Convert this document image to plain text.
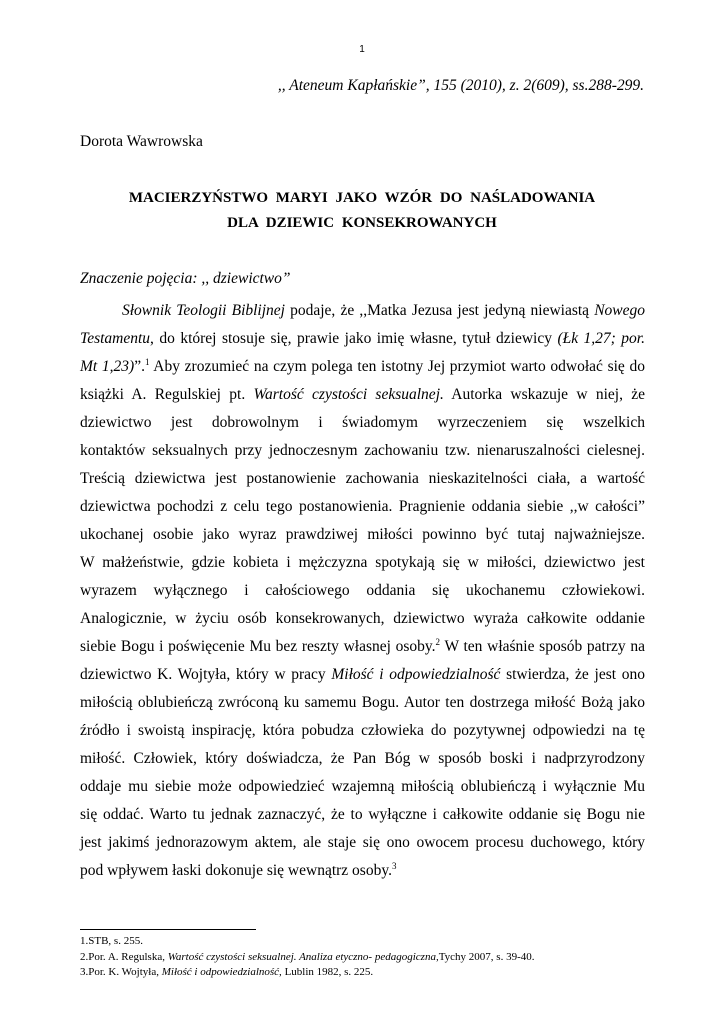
1
,, Ateneum Kapłańskie”, 155 (2010), z. 2(609), ss.288-299.
Dorota Wawrowska
MACIERZYŃSTWO MARYI JAKO WZÓR DO NAŚLADOWANIA
DLA DZIEWIC KONSEKROWANYCH
Znaczenie pojęcia: ,, dziewictwo”
Słownik Teologii Biblijnej podaje, że ,,Matka Jezusa jest jedyną niewiastą Nowego
Testamentu, do której stosuje się, prawie jako imię własne, tytuł dziewicy (Łk 1,27; por.
Mt 1,23)”.$^1$ Aby zrozumieć na czym polega ten istotny Jej przymiot warto odwołać się do
książki A. Regulskiej pt. Wartość czystości seksualnej. Autorka wskazuje w niej, że
dziewictwo jest dobrowolnym i świadomym wyrzeczeniem się wszelkich
kontaktów seksualnych przy jednoczesnym zachowaniu tzw. nienaruszalności cielesnej.
Treścią dziewictwa jest postanowienie zachowania nieskazitelności ciała, a wartość
dziewictwa pochodzi z celu tego postanowienia. Pragnienie oddania siebie ,,w całości”
ukochanej osobie jako wyraz prawdziwej miłości powinno być tutaj najważniejsze.
W małżeństwie, gdzie kobieta i mężczyzna spotykają się w miłości, dziewictwo jest
wyrazem wyłącznego i całościowego oddania się ukochanemu człowiekowi.
Analogicznie, w życiu osób konsekrowanych, dziewictwo wyraża całkowite oddanie
siebie Bogu i poświęcenie Mu bez reszty własnej osoby.$^2$ W ten właśnie sposób patrzy na
dziewictwo K. Wojtyła, który w pracy Miłość i odpowiedzialność stwierdza, że jest ono
miłością oblubieńczą zwróconą ku samemu Bogu. Autor ten dostrzega miłość Bożą jako
źródło i swoistą inspirację, która pobudza człowieka do pozytywnej odpowiedzi na tę
miłość. Człowiek, który doświadcza, że Pan Bóg w sposób boski i nadprzyrodzony
oddaje mu siebie może odpowiedzieć wzajemną miłością oblubieńczą i wyłącznie Mu
się oddać. Warto tu jednak zaznaczyć, że to wyłączne i całkowite oddanie się Bogu nie
jest jakimś jednorazowym aktem, ale staje się ono owocem procesu duchowego, który
pod wpływem łaski dokonuje się wewnątrz osoby.$^3$
1.STB, s. 255.
2.Por. A. Regulska, Wartość czystości seksualnej. Analiza etyczno- pedagogiczna,Tychy 2007, s. 39-40.
3.Por. K. Wojtyła, Miłość i odpowiedzialność, Lublin 1982, s. 225.
